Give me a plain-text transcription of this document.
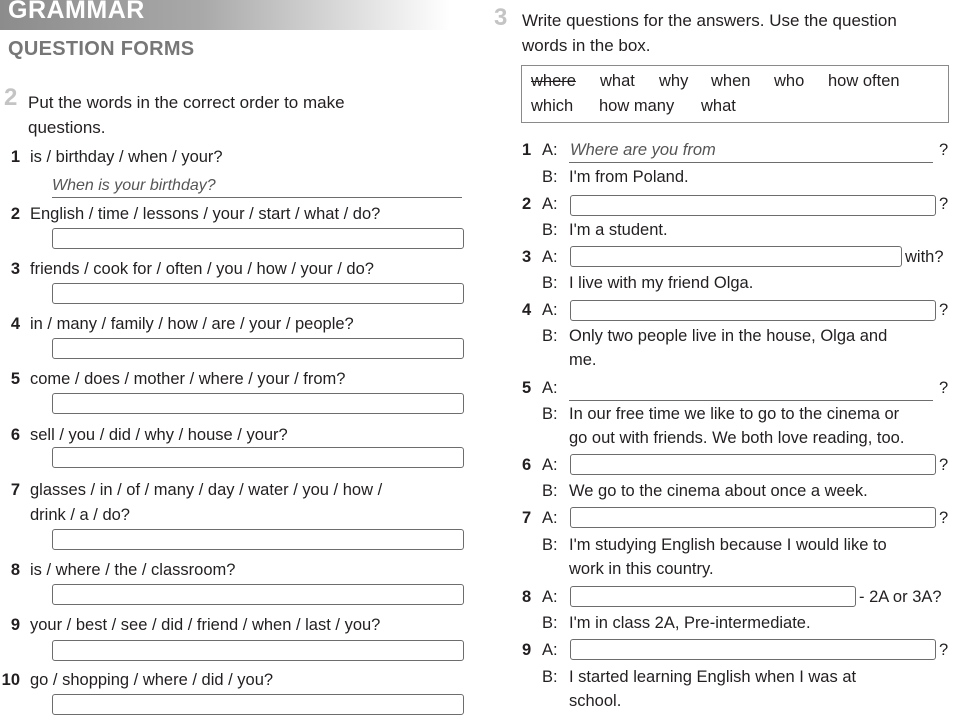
GRAMMAR
QUESTION FORMS
2 Put the words in the correct order to make
questions.
1 is / birthday / when / your?
When is your birthday?
2 English / time / lessons / your / start / what / do?
3 friends / cook for / often / you / how / your / do?
4 in / many / family / how / are / your / people?
5 come / does / mother / where / your / from?
6 sell / you / did / why / house / your?
7 glasses / in / of / many / day / water / you / how /
drink / a / do?
8 is / where / the / classroom?
9 your / best / see / did / friend / when / last / you?
10 go / shopping / where / did / you?
3 Write questions for the answers. Use the question
words in the box.
where what why when who how often
which how many what
1 A: Where are you from	?
B: I'm from Poland.
2 A:	?
B: I'm a student.
3 A:	with?
B: I live with my friend Olga.
4 A:	?
B: Only two people live in the house, Olga and
me.
5 A:	?
B: In our free time we like to go to the cinema or
go out with friends. We both love reading, too.
6 A:	?
B: We go to the cinema about once a week.
7 A:	?
B: I'm studying English because I would like to
work in this country.
8 A:	- 2A or 3A?
B: I'm in class 2A, Pre-intermediate.
9 A:	?
B: I started learning English when I was at
school.
